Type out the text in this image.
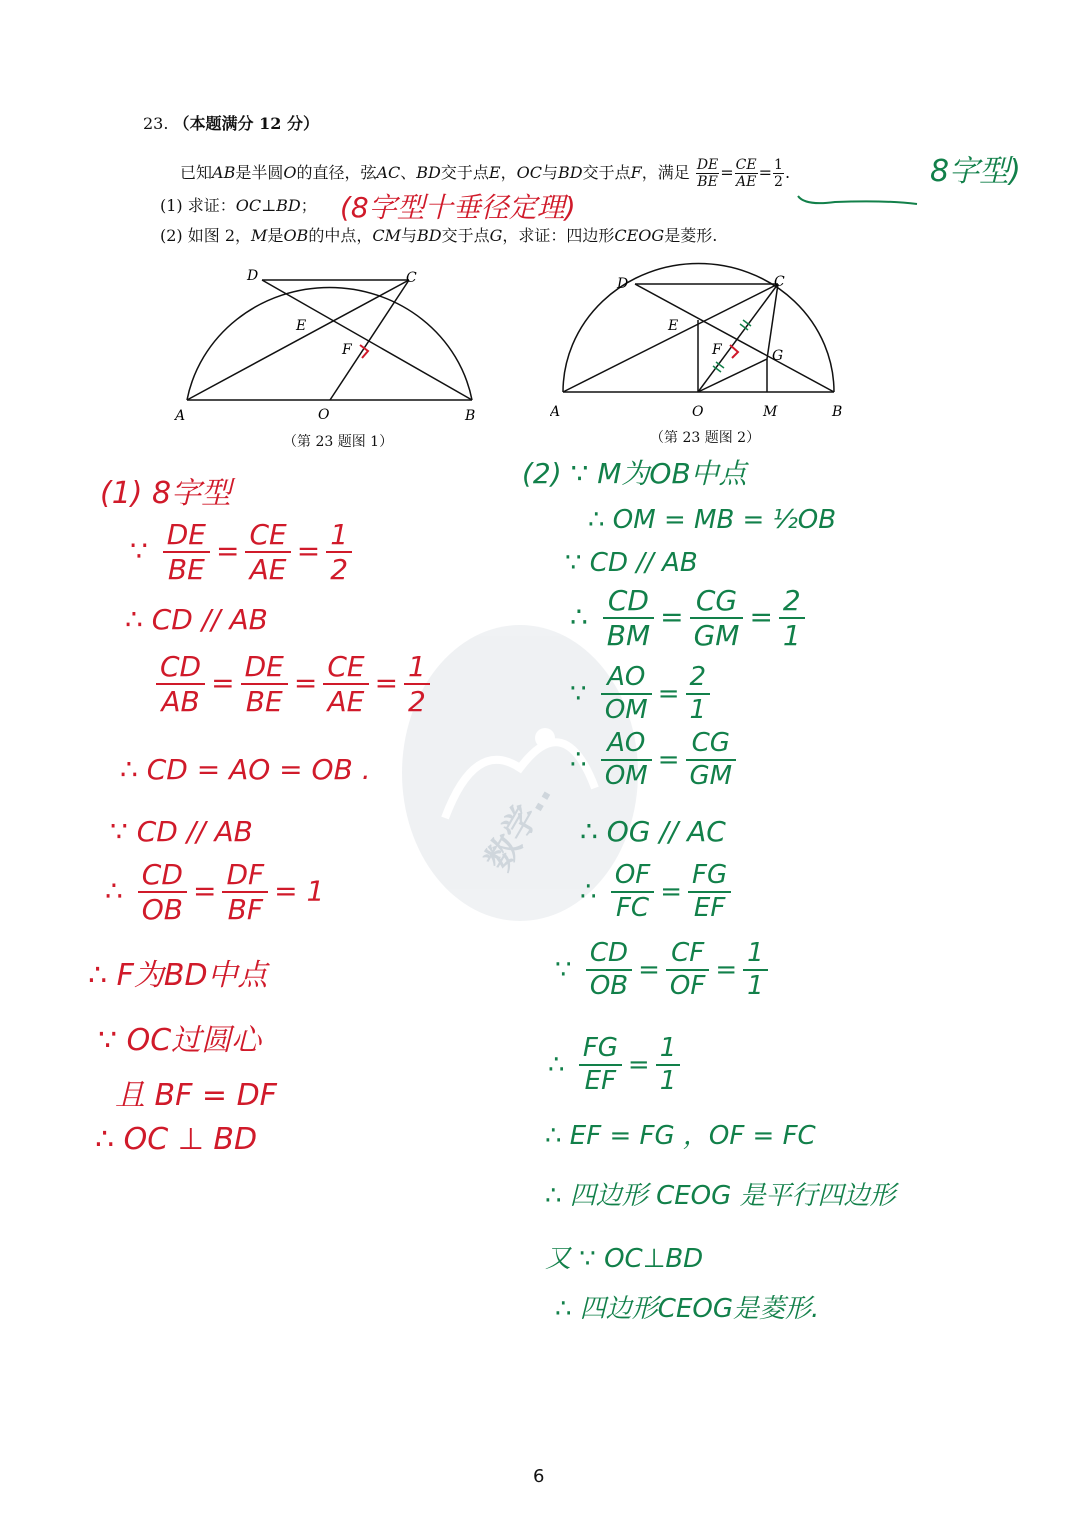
23. （本题满分 12 分）
已知AB是半圆O的直径，弦AC、BD交于点E，OC与BD交于点F，满足 $\frac{DE}{BE} = \frac{CE}{AE} = \frac{1}{2}$ .
(1) 求证：OC⊥BD；
(2) 如图 2，M是OB的中点，CM与BD交于点G，求证：四边形CEOG是菱形.
(8字型十垂径定理)
8字型)
A	B
C
D
E
F
O
（第 23 题图 1）
A	B
C
D
E
F	G
O	M
（第 23 题图 2）
数学..
(1) 8字型
∵ $\frac{DE}{BE} = \frac{CE}{AE} = \frac{1}{2}$
∴ CD // AB
$\frac{CD}{AB} = \frac{DE}{BE} = \frac{CE}{AE} = \frac{1}{2}$
∴ CD = AO = OB .
∵ CD // AB
∴ $\frac{CD}{OB} = \frac{DF}{BF} = 1$
∴ F为BD中点
∵ OC过圆心
且 BF = DF
∴ OC ⊥ BD
(2) ∵ M为OB中点
∴ OM = MB = ½OB
∵ CD // AB
∴ $\frac{CD}{BM} = \frac{CG}{GM} = \frac{2}{1}$
∵ $\frac{AO}{OM} = \frac{2}{1}$
∴ $\frac{AO}{OM} = \frac{CG}{GM}$
∴ OG // AC
∴ $\frac{OF}{FC} = \frac{FG}{EF}$
∵ $\frac{CD}{OB} = \frac{CF}{OF} = \frac{1}{1}$
∴ $\frac{FG}{EF} = \frac{1}{1}$
∴ EF = FG ，OF = FC
∴ 四边形 CEOG 是平行四边形
又 ∵ OC⊥BD
∴ 四边形CEOG是菱形.
6
